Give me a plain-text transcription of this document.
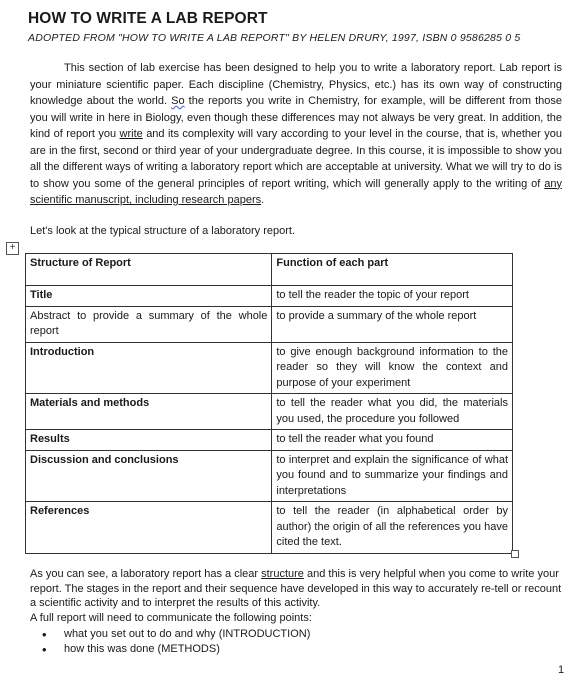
HOW TO WRITE A LAB REPORT
ADOPTED FROM "HOW TO WRITE A LAB REPORT" BY HELEN DRURY, 1997, ISBN 0 9586285 0 5

This section of lab exercise has been designed to help you to write a laboratory report. Lab report is your miniature scientific paper. Each discipline (Chemistry, Physics, etc.) has its own way of constructing knowledge about the world. So the reports you write in Chemistry, for example, will be different from those you will write in here in Biology, even though these differences may not always be very great. In addition, the kind of report you write and its complexity will vary according to your level in the course, that is, whether you are in the first, second or third year of your undergraduate degree. In this course, it is impossible to show you all the different ways of writing a laboratory report which are acceptable at university. What we will try to do is to show you some of the general principles of report writing, which will generally apply to the writing of any scientific manuscript, including research papers.

Let's look at the typical structure of a laboratory report.
+
Structure of Report	Function of each part
Title	to tell the reader the topic of your report
Abstract to provide a summary of the whole report	to provide a summary of the whole report
Introduction	to give enough background information to the reader so they will know the context and purpose of your experiment
Materials and methods	to tell the reader what you did, the materials you used, the procedure you followed
Results	to tell the reader what you found
Discussion and conclusions	to interpret and explain the significance of what you found and to summarize your findings and interpretations
References	to tell the reader (in alphabetical order by author) the origin of all the references you have cited the text.

As you can see, a laboratory report has a clear structure and this is very helpful when you come to write your report. The stages in the report and their sequence have developed in this way to accurately re-tell or recount a scientific activity and to interpret the results of this activity.

A full report will need to communicate the following points:

• what you set out to do and why (INTRODUCTION)
• how this was done (METHODS)
1
